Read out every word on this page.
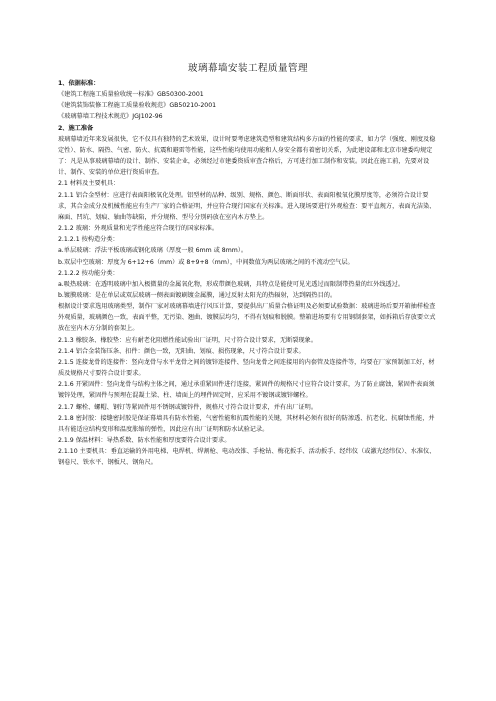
玻璃幕墙安装工程质量管理

1、依据标准：

《建筑工程施工质量验收统一标准》GB50300-2001

《建筑装饰装修工程施工质量验收规范》GB50210-2001

《玻璃幕墙工程技术规范》JGJ102-96

2、施工准备

玻璃幕墙近年来发展很快，它不仅具有独特的艺术效果，设计时要考虑建筑造型和建筑结构多方面的性能的要求，如力学（强度、刚度及稳定性）、防水、隔热、气密、防火、抗震和避雷等性能，这些性能均使用功能和人身安全都有着密切关系，为此建设部和北京市建委均规定了：凡是从事玻璃幕墙的设计、制作、安装企业，必须经过市建委资质审查合格后，方可进行加工制作和安装。因此在施工前，先要对设计、制作、安装的单位进行资质审查。

2.1 材料及主要机具：

2.1.1 铝合金型材：应进行表面阳极氧化处理。铝型材的品种、级别、规格、颜色、断面形状、表面阳极氧化膜厚度等，必须符合设计要求，其合金成分及机械性能应有生产厂家的合格证明，并应符合现行国家有关标准。进入现场要进行外观检查：要平直规方，表面光洁染、麻面、凹坑、划痕、轴曲等缺陷，并分规格、型号分别码放在室内木方垫上。

2.1.2 玻璃：外观质量和光学性能应符合现行的国家标准。

2.1.2.1 按构造分类：

a.单层玻璃：浮法平板玻璃或钢化玻璃（厚度一般 6mm 或 8mm）。

b.双层中空玻璃：厚度为 6+12+6（mm）或 8+9+8（mm），中间数值为两层玻璃之间的不流动空气层。

2.1.2.2 按功能分类：

a.吸热玻璃：在透明玻璃中加入极微量的金属氧化物，形成带颜色玻璃，具特点是能使可见光透过而限制带热量的红外线透过。

b.镀膜玻璃：是在单层或双层玻璃一侧表面镀刷镀金属膜，通过反射太阳光的热辐射，达到隔热目的。

根据设计要求选用玻璃类型，制作厂家对玻璃幕墙进行风压计算，要提供出厂质量合格证明及必须要试验数据：玻璃进场后要开箱抽样检查外观质量，玻璃颜色一致，表面平整，无污染、翘曲、镀膜层均匀，不得有划痕和脱膜。整箱进场要有专用钢制套架，如拆箱后存放要立式放在室内木方分制的套架上。

2.1.3 橡胶条、橡胶垫：应有耐老化阻燃性能试验出厂证明，尺寸符合设计要求，无断裂现象。

2.1.4 铝合金装饰压条、扣件：颜色一致，无阳曲、划痕、损伤现象，尺寸符合设计要求。

2.1.5 连接龙骨的连接件：竖向龙骨与水平龙骨之间的镀锌连接件、竖向龙骨之间连接用的内套管及连接件等，均要在厂家预制加工好，材质及规格尺寸要符合设计要求。

2.1.6 开紧固件：竖向龙骨与结构主体之间，通过承重紧固件进行连接，紧固件的规格尺寸应符合设计要求，为了防止腐蚀，紧固件表面须镀锌处理，紧固件与预埋在混凝土梁、柱、墙面上的埋件固定时，应采用不镀钢或镀锌螺栓。

2.1.7 螺栓、螺帽、钢钉等紧固件用不锈钢或镀锌件，规格尺寸符合设计要求，并有出厂证明。

2.1.8 密封胶：接缝密封胶是保证幕墙具有防水性能，气密性能和抗震性能的关键，其材料必须有很好的防渗透、抗老化、抗腐蚀性能，并具有能适应结构变形和温度胀缩的弹性，因此应有出厂证明和防水试验记录。

2.1.9 保温材料：导热系数、防水性能和厚度要符合设计要求。

2.1.10 主要机具：垂直运输的外用电梯、电焊机、焊割枪、电动改锥、手枪钻、梅花扳手、活动扳手、经纬仪（或激光经纬仪）、水准仪、钢卷尺、铁水平、钢板尺、钢角尺。
